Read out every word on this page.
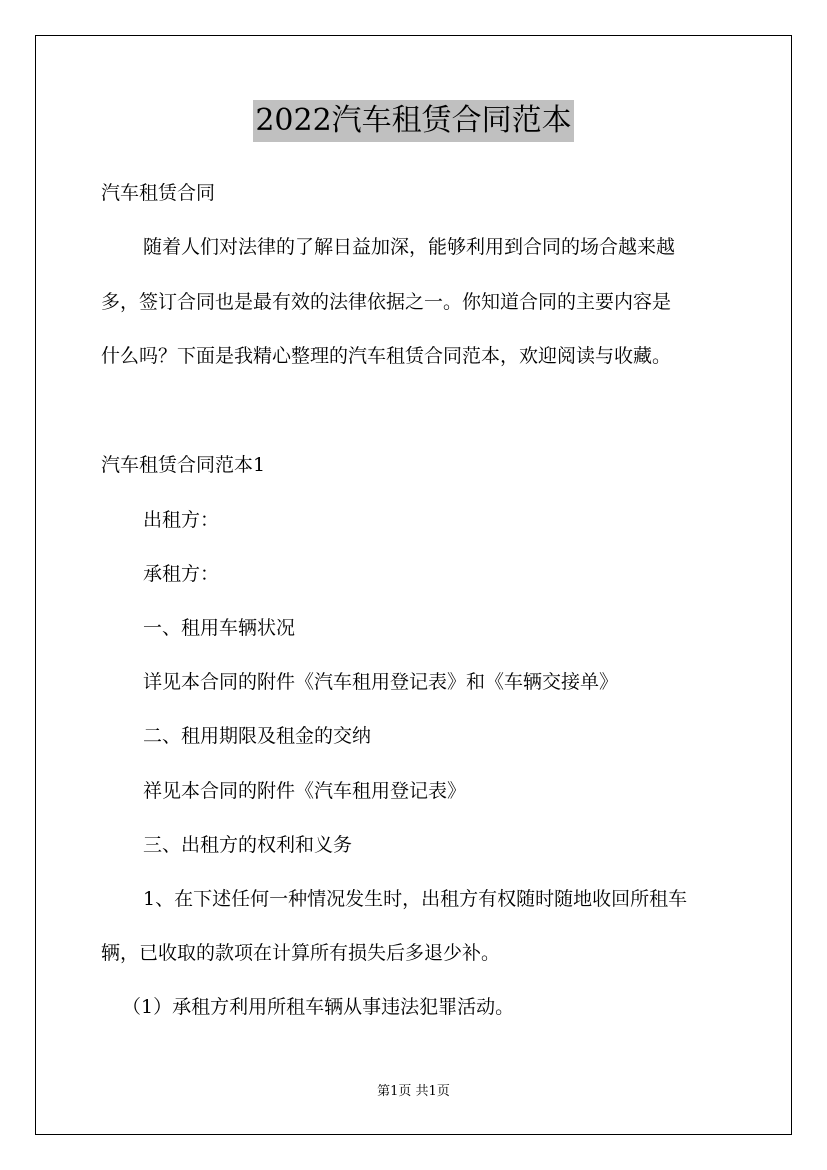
2022汽车租赁合同范本
汽车租赁合同
随着人们对法律的了解日益加深，能够利用到合同的场合越来越
多，签订合同也是最有效的法律依据之一。你知道合同的主要内容是
什么吗？下面是我精心整理的汽车租赁合同范本，欢迎阅读与收藏。
汽车租赁合同范本1
出租方：
承租方：
一、租用车辆状况
详见本合同的附件《汽车租用登记表》和《车辆交接单》
二、租用期限及租金的交纳
祥见本合同的附件《汽车租用登记表》
三、出租方的权利和义务
1、在下述任何一种情况发生时，出租方有权随时随地收回所租车
辆，已收取的款项在计算所有损失后多退少补。
（1）承租方利用所租车辆从事违法犯罪活动。
第1页 共1页
